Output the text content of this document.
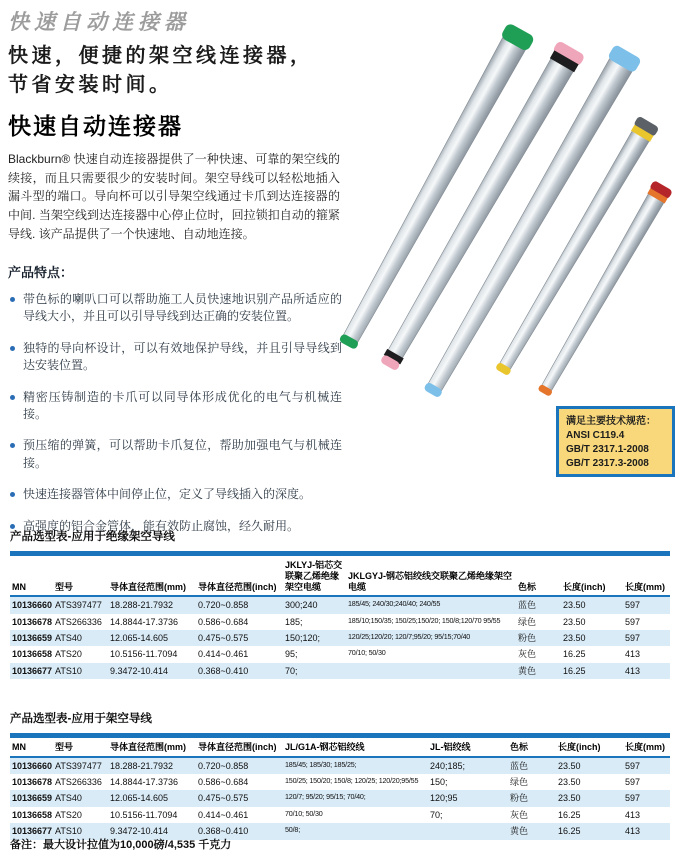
快速自动连接器
快速，便捷的架空线连接器，
节省安装时间。
快速自动连接器

Blackburn® 快速自动连接器提供了一种快速、可靠的架空线的续接，而且只需要很少的安装时间。架空导线可以轻松地插入漏斗型的端口。导向杯可以引导架空线通过卡爪到达连接器的中间. 当架空线到达连接器中心停止位时，回拉锁扣自动的箍紧导线. 该产品提供了一个快速地、自动地连接。

产品特点：
带色标的喇叭口可以帮助施工人员快速地识别产品所适应的导线大小，并且可以引导导线到达正确的安装位置。
独特的导向杯设计，可以有效地保护导线，并且引导导线到达安装位置。
精密压铸制造的卡爪可以同导体形成优化的电气与机械连接。
预压缩的弹簧，可以帮助卡爪复位，帮助加强电气与机械连接。
快速连接器管体中间停止位，定义了导线插入的深度。
高强度的铝合金管体，能有效防止腐蚀，经久耐用。
满足主要技术规范：
ANSI C119.4
GB/T 2317.1-2008
GB/T 2317.3-2008
产品选型表-应用于绝缘架空导线
MN	型号	导体直径范围(mm)	导体直径范围(inch)	JKLYJ-铝芯交联聚乙烯绝缘架空电缆	JKLGYJ-钢芯铝绞线交联聚乙烯绝缘架空电缆	色标	长度(inch)	长度(mm)
10136660	ATS397477	18.288-21.7932	0.720~0.858	300;240	185/45; 240/30;240/40; 240/55	蓝色	23.50	597
10136678	ATS266336	14.8844-17.3736	0.586~0.684	185;	185/10;150/35; 150/25;150/20; 150/8;120/70 95/55	绿色	23.50	597
10136659	ATS40	12.065-14.605	0.475~0.575	150;120;	120/25;120/20; 120/7;95/20; 95/15;70/40	粉色	23.50	597
10136658	ATS20	10.5156-11.7094	0.414~0.461	95;	70/10; 50/30	灰色	16.25	413
10136677	ATS10	9.3472-10.414	0.368~0.410	70;		黄色	16.25	413
产品选型表-应用于架空导线
MN	型号	导体直径范围(mm)	导体直径范围(inch)	JL/G1A-钢芯铝绞线	JL-铝绞线	色标	长度(inch)	长度(mm)
10136660	ATS397477	18.288-21.7932	0.720~0.858	185/45; 185/30; 185/25;	240;185;	蓝色	23.50	597
10136678	ATS266336	14.8844-17.3736	0.586~0.684	150/25; 150/20; 150/8; 120/25; 120/20;95/55	150;	绿色	23.50	597
10136659	ATS40	12.065-14.605	0.475~0.575	120/7; 95/20; 95/15; 70/40;	120;95	粉色	23.50	597
10136658	ATS20	10.5156-11.7094	0.414~0.461	70/10; 50/30	70;	灰色	16.25	413
10136677	ATS10	9.3472-10.414	0.368~0.410	50/8;		黄色	16.25	413
备注：最大设计拉值为10,000磅/4,535 千克力
